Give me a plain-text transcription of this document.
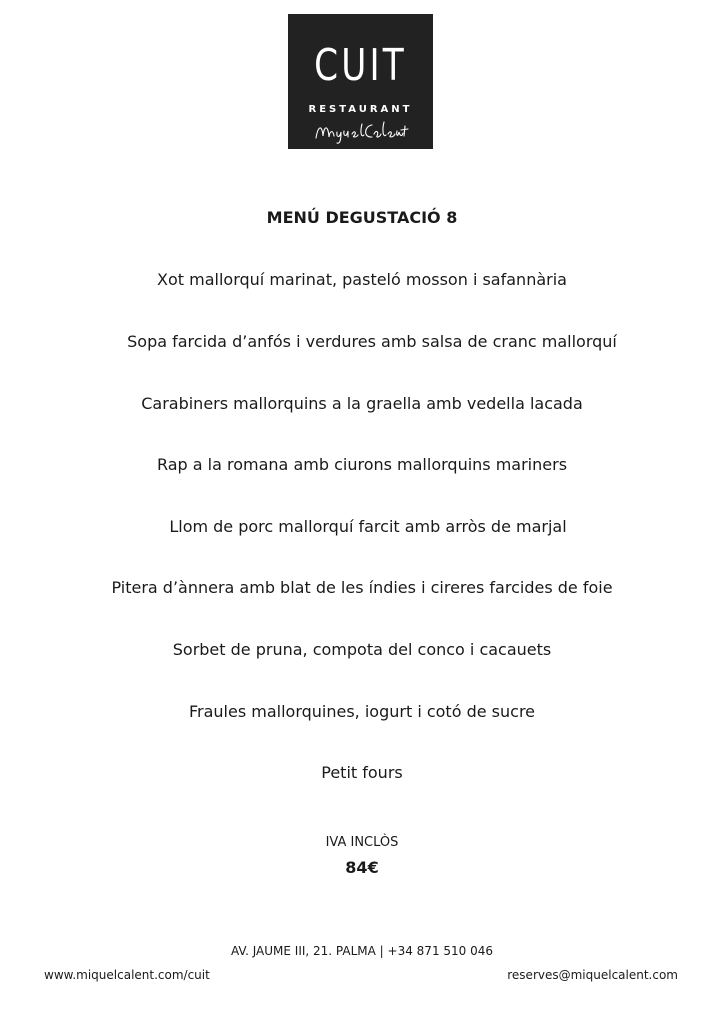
CUIT
RESTAURANT
MENÚ DEGUSTACIÓ 8
Xot mallorquí marinat, pasteló mosson i safannària
Sopa farcida d’anfós i verdures amb salsa de cranc mallorquí
Carabiners mallorquins a la graella amb vedella lacada
Rap a la romana amb ciurons mallorquins mariners
Llom de porc mallorquí farcit amb arròs de marjal
Pitera d’ànnera amb blat de les índies i cireres farcides de foie
Sorbet de pruna, compota del conco i cacauets
Fraules mallorquines, iogurt i cotó de sucre
Petit fours
IVA INCLÒS
84€
AV. JAUME III, 21. PALMA | +34 871 510 046
www.miquelcalent.com/cuit	reserves@miquelcalent.com
